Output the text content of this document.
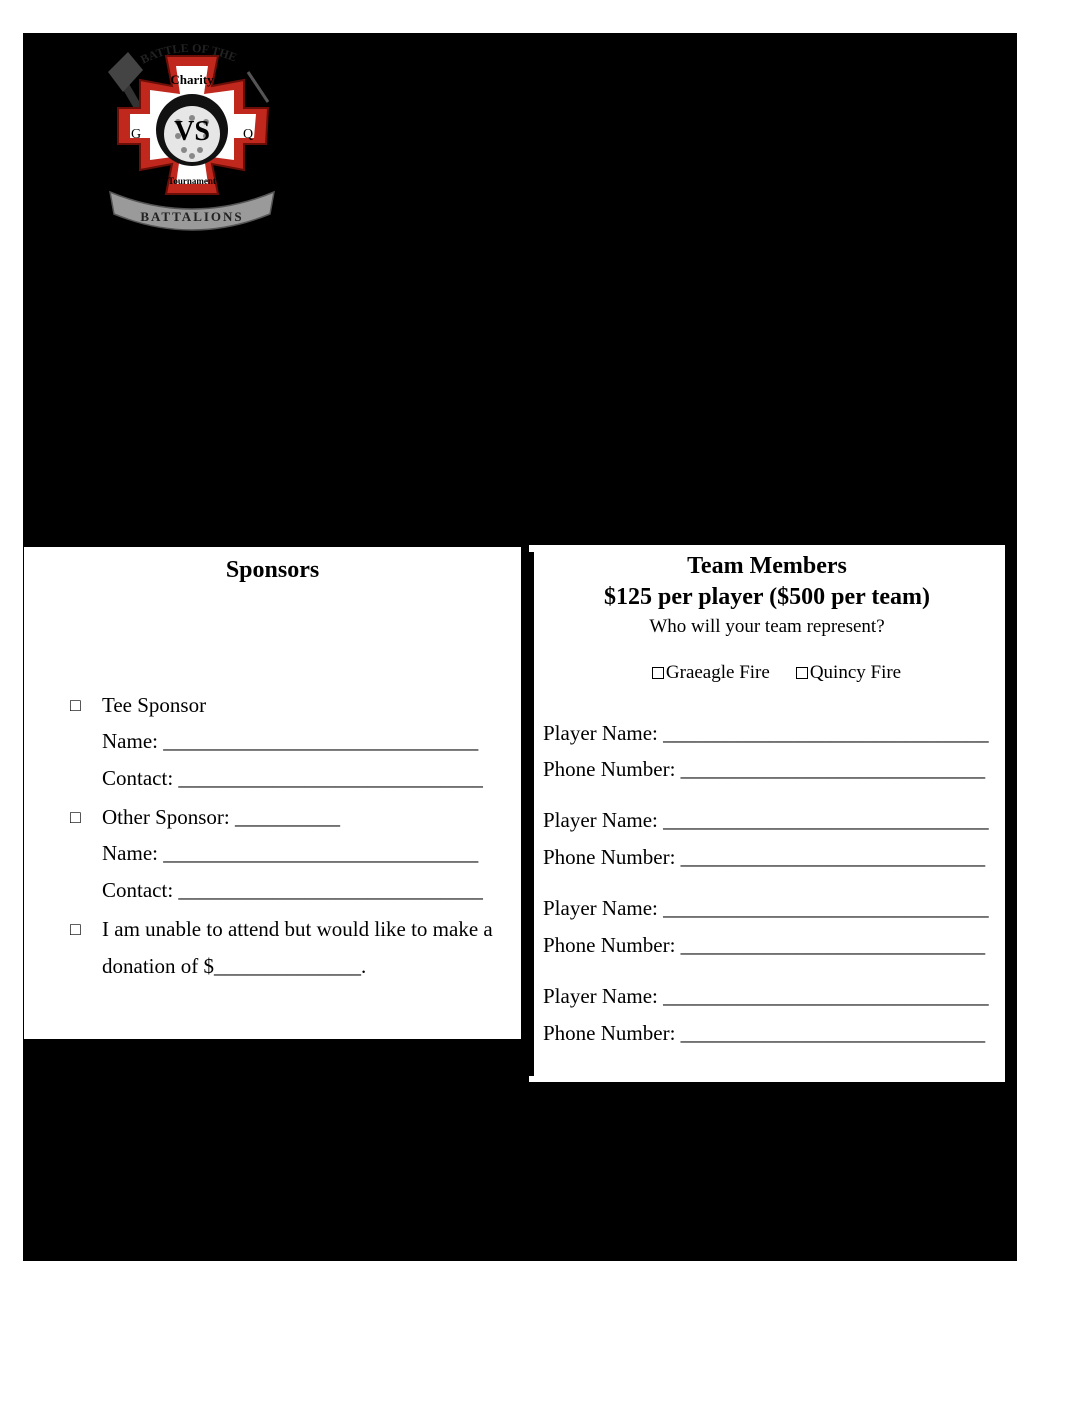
VS
Charity
G	Q
Tournament
BATTLE OF THE
BATTALIONS
Sponsors
□ Tee Sponsor
Name: ______________________________
Contact: _____________________________
□ Other Sponsor: __________
Name: ______________________________
Contact: _____________________________
□ I am unable to attend but would like to make a
donation of $______________.
Team Members
$125 per player ($500 per team)
Who will your team represent?

Graeagle Fire Quincy Fire

Player Name: _______________________________
Phone Number: _____________________________
Player Name: _______________________________
Phone Number: _____________________________
Player Name: _______________________________
Phone Number: _____________________________
Player Name: _______________________________
Phone Number: _____________________________
